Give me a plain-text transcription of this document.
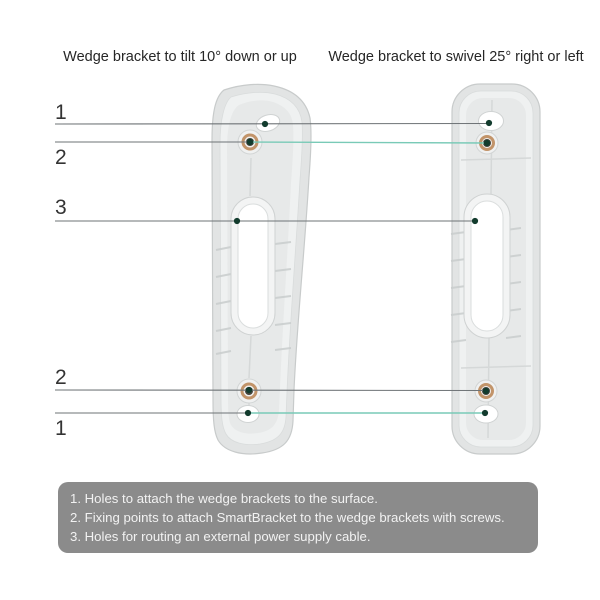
Wedge bracket to tilt 10° down or up	Wedge bracket to swivel 25° right or left
1
2
3
2
1
1. Holes to attach the wedge brackets to the surface.
2. Fixing points to attach SmartBracket to the wedge brackets with screws.
3. Holes for routing an external power supply cable.
